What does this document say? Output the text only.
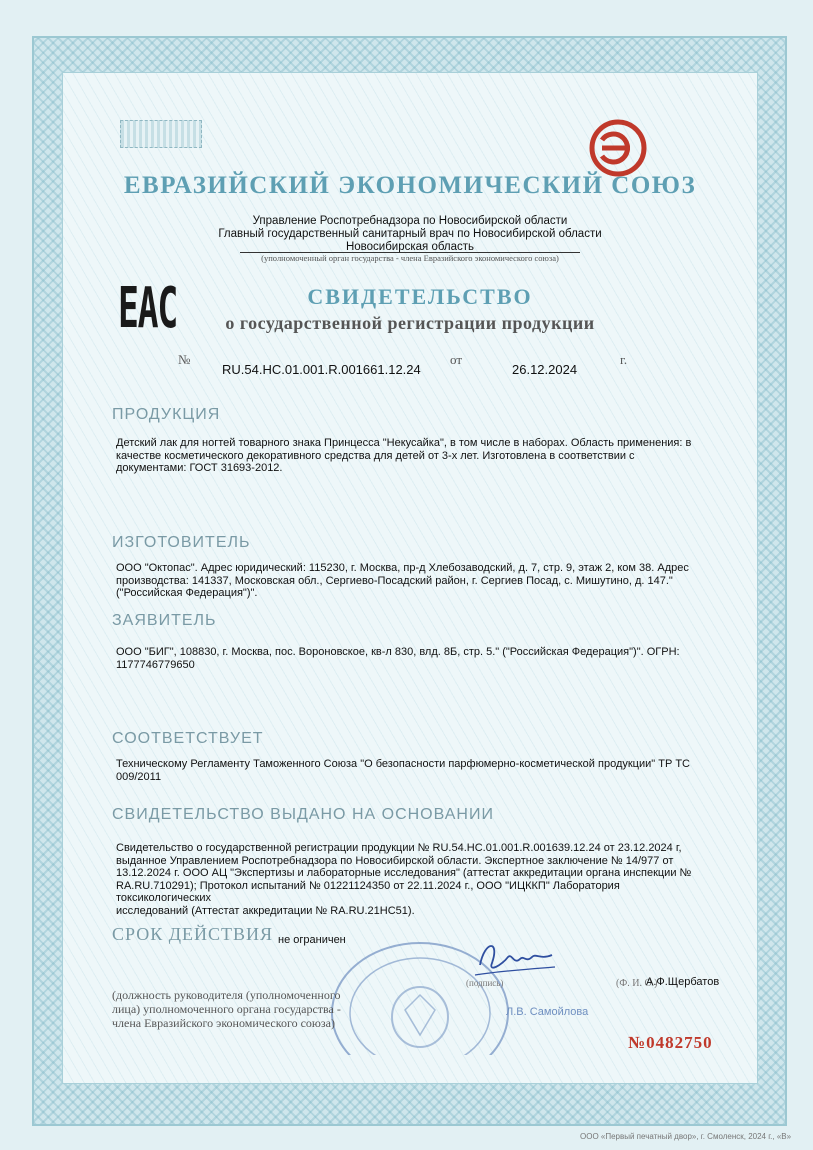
ЕВРАЗИЙСКИЙ ЭКОНОМИЧЕСКИЙ СОЮЗ
Управление Роспотребнадзора по Новосибирской области
Главный государственный санитарный врач по Новосибирской области
Новосибирская область
(уполномоченный орган государства - члена Евразийского экономического союза)
EAC	СВИДЕТЕЛЬСТВО
о государственной регистрации продукции
№
RU.54.НС.01.001.R.001661.12.24
от
26.12.2024
г.
ПРОДУКЦИЯ
Детский лак для ногтей товарного знака Принцесса "Некусайка", в том числе в наборах. Область применения: в
качестве косметического декоративного средства для детей от 3-х лет. Изготовлена в соответствии с
документами: ГОСТ 31693-2012.
ИЗГОТОВИТЕЛЬ
ООО "Октопас". Адрес юридический: 115230, г. Москва, пр-д Хлебозаводский, д. 7, стр. 9, этаж 2, ком 38. Адрес
производства: 141337, Московская обл., Сергиево-Посадский район, г. Сергиев Посад, с. Мишутино, д. 147."
("Российская Федерация")".
ЗАЯВИТЕЛЬ
ООО "БИГ", 108830, г. Москва, пос. Вороновское, кв-л 830, влд. 8Б, стр. 5." ("Российская Федерация")". ОГРН:
1177746779650
СООТВЕТСТВУЕТ
Техническому Регламенту Таможенного Союза "О безопасности парфюмерно-косметической продукции" ТР ТС
009/2011
СВИДЕТЕЛЬСТВО ВЫДАНО НА ОСНОВАНИИ
Свидетельство о государственной регистрации продукции № RU.54.НС.01.001.R.001639.12.24 от 23.12.2024 г,
выданное Управлением Роспотребнадзора по Новосибирской области. Экспертное заключение № 14/977 от
13.12.2024 г. ООО АЦ "Экспертизы и лабораторные исследования" (аттестат аккредитации органа инспекции №
RA.RU.710291); Протокол испытаний № 01221124350 от 22.11.2024 г., ООО "ИЦККП" Лаборатория токсикологических
исследований (Аттестат аккредитации № RA.RU.21НС51).
СРОК ДЕЙСТВИЯ не ограничен
(должность руководителя (уполномоченного
лица) уполномоченного органа государства -
члена Евразийского экономического союза)
(подпись)	(Ф. И. О.)
А.Ф.Щербатов
Л.В. Самойлова
№0482750
ООО «Первый печатный двор», г. Смоленск, 2024 г., «В»
